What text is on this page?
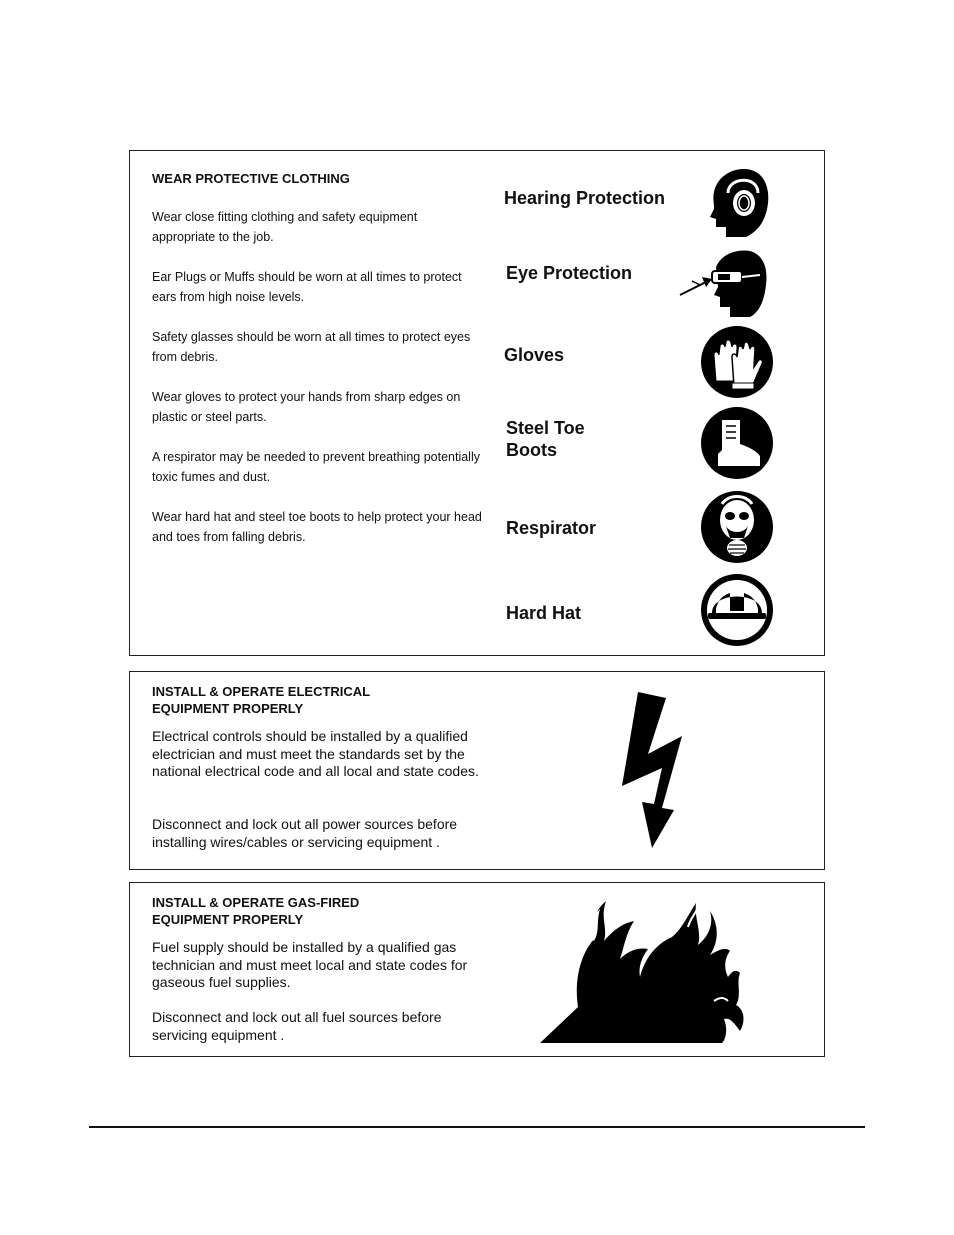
WEAR PROTECTIVE CLOTHING

Wear close fitting clothing and safety equipment appropriate to the job.

Ear Plugs or Muffs should be worn at all times to protect ears from high noise levels.

Safety glasses should be worn at all times to protect eyes from debris.

Wear gloves to protect your hands from sharp edges on plastic or steel parts.

A respirator may be needed to prevent breathing potentially toxic fumes and dust.

Wear hard hat and steel toe boots to help protect your head and toes from falling debris.

Hearing Protection
Eye Protection
Gloves
Steel Toe
Boots
Respirator
Hard Hat
INSTALL & OPERATE ELECTRICAL
EQUIPMENT PROPERLY

Electrical controls should be installed by a qualified electrician and must meet the standards set by the national electrical code and all local and state codes.

Disconnect and lock out all power sources before installing wires/cables or servicing equipment .

INSTALL & OPERATE GAS-FIRED
EQUIPMENT PROPERLY

Fuel supply should be installed by a qualified gas technician and must meet local and state codes for gaseous fuel supplies.

Disconnect and lock out all fuel sources before servicing equipment .
